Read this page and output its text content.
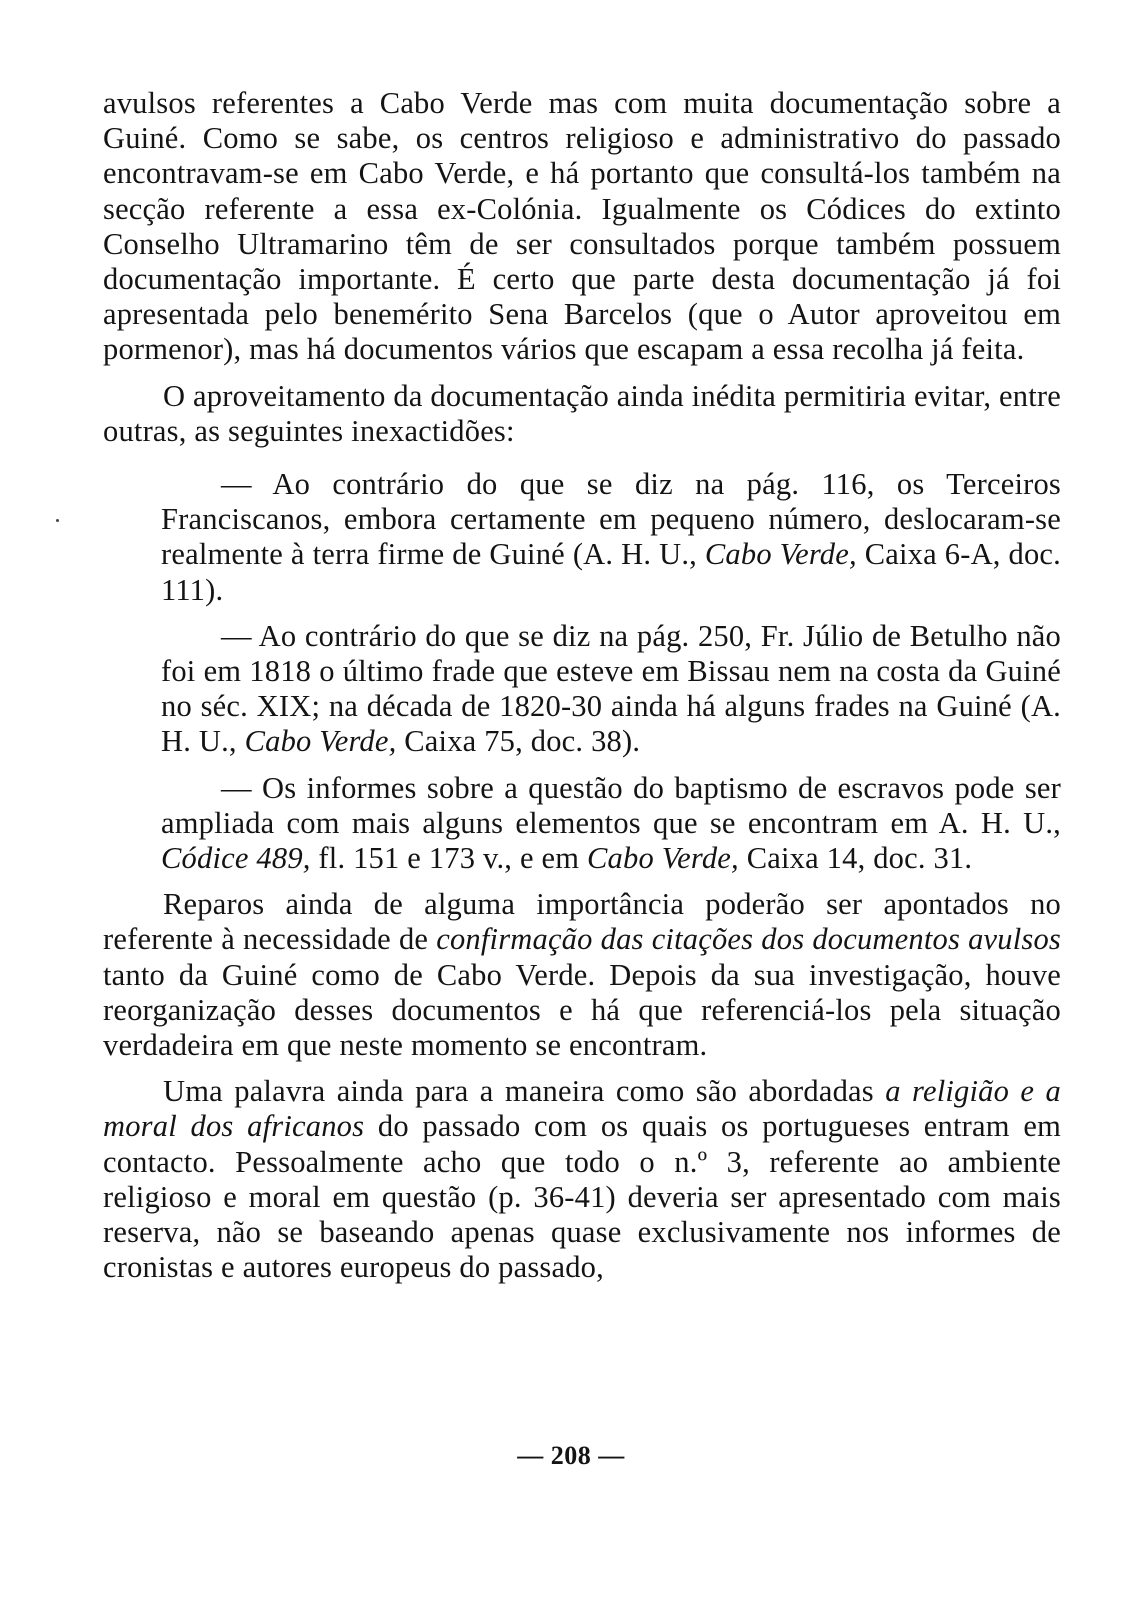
avulsos referentes a Cabo Verde mas com muita documentação sobre a Guiné. Como se sabe, os centros religioso e administrativo do passado encontravam-se em Cabo Verde, e há portanto que consultá-los também na secção referente a essa ex-Colónia. Igualmente os Códices do extinto Conselho Ultramarino têm de ser consultados porque também possuem documentação importante. É certo que parte desta documentação já foi apresentada pelo benemérito Sena Barcelos (que o Autor aproveitou em pormenor), mas há documentos vários que escapam a essa recolha já feita.

O aproveitamento da documentação ainda inédita permitiria evitar, entre outras, as seguintes inexactidões:

— Ao contrário do que se diz na pág. 116, os Terceiros Franciscanos, embora certamente em pequeno número, deslocaram-se realmente à terra firme de Guiné (A. H. U., Cabo Verde, Caixa 6-A, doc. 111).

— Ao contrário do que se diz na pág. 250, Fr. Júlio de Betulho não foi em 1818 o último frade que esteve em Bissau nem na costa da Guiné no séc. XIX; na década de 1820-30 ainda há alguns frades na Guiné (A. H. U., Cabo Verde, Caixa 75, doc. 38).

— Os informes sobre a questão do baptismo de escravos pode ser ampliada com mais alguns elementos que se encontram em A. H. U., Códice 489, fl. 151 e 173 v., e em Cabo Verde, Caixa 14, doc. 31.

Reparos ainda de alguma importância poderão ser apontados no referente à necessidade de confirmação das citações dos documentos avulsos tanto da Guiné como de Cabo Verde. Depois da sua investigação, houve reorganização desses documentos e há que referenciá-los pela situação verdadeira em que neste momento se encontram.

Uma palavra ainda para a maneira como são abordadas a religião e a moral dos africanos do passado com os quais os portugueses entram em contacto. Pessoalmente acho que todo o n.º 3, referente ao ambiente religioso e moral em questão (p. 36-41) deveria ser apresentado com mais reserva, não se baseando apenas quase exclusivamente nos informes de cronistas e autores europeus do passado,

— 208 —
